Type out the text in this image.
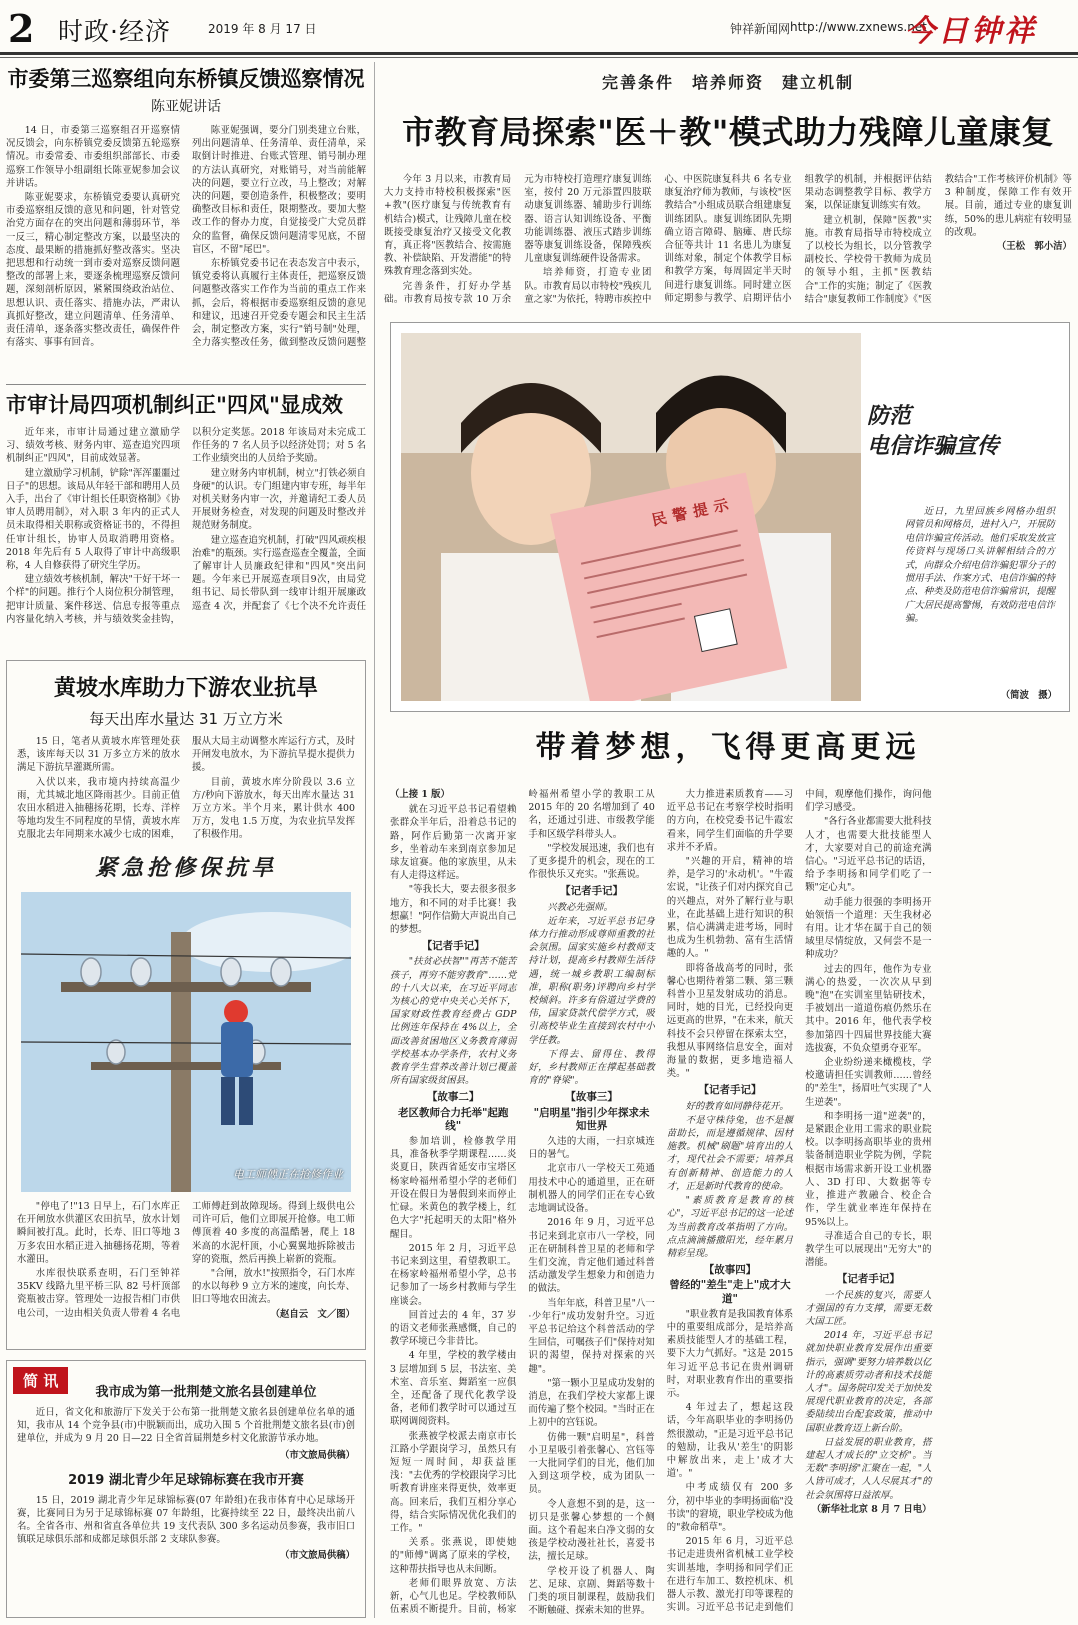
2 时政·经济	2019 年 8 月 17 日	钟祥新闻网 http://www.zxnews.net
今日钟祥
市委第三巡察组向东桥镇反馈巡察情况
陈亚妮讲话

14 日，市委第三巡察组召开巡察情况反馈会，向东桥镇党委反馈第五轮巡察情况。市委常委、市委组织部部长、市委巡察工作领导小组副组长陈亚妮参加会议并讲话。

陈亚妮要求，东桥镇党委要认真研究市委巡察组反馈的意见和问题，针对管党治党方面存在的突出问题和薄弱环节，举一反三，精心制定整改方案，以最坚决的态度、最果断的措施抓好整改落实。坚决把思想和行动统一到市委对巡察反馈问题整改的部署上来，要逐条梳理巡察反馈问题，深刻剖析原因，紧紧围绕政治站位、思想认识、责任落实、措施办法，严肃认真抓好整改，建立问题清单、任务清单、责任清单，逐条落实整改责任，确保件件有落实、事事有回音。

陈亚妮强调，要分门别类建立台账，列出问题清单、任务清单、责任清单，采取倒计时推进、台账式管理、销号制办理的方法认真研究，对账销号，对当前能解决的问题，要立行立改，马上整改；对解决的问题，要创造条件，积极整改；要明确整改目标和责任，限期整改。要加大整改工作的督办力度，自觉接受广大党员群众的监督，确保反馈问题清零见底，不留盲区，不留"尾巴"。

东桥镇党委书记在表态发言中表示，镇党委将认真履行主体责任，把巡察反馈问题整改落实工作作为当前的重点工作来抓，会后，将根据市委巡察组反馈的意见和建议，迅速召开党委专题会和民主生活会，制定整改方案，实行"销号制"处理，全力落实整改任务，做到整改反馈问题整

市审计局四项机制纠正"四风"显成效

近年来，市审计局通过建立激励学习、绩效考核、财务内审、巡查追究四项机制纠正"四风"，目前成效显著。

建立激励学习机制，铲除"浑浑噩噩过日子"的思想。该局从年轻干部和聘用人员入手，出台了《审计组长任职资格制》《协审人员聘用制》，对入职 3 年内的正式人员未取得相关职称或资格证书的，不得担任审计组长，协审人员取消聘用资格。2018 年先后有 5 人取得了审计中高级职称，4 人自修获得了研究生学历。

建立绩效考核机制，解决"干好干坏一个样"的问题。推行个人岗位积分制管理，把审计质量、案件移送、信息专报等重点内容量化纳入考核，并与绩效奖金挂钩，以积分定奖惩。2018 年该局对未完成工作任务的 7 名人员予以经济处罚；对 5 名工作业绩突出的人员给予奖励。

建立财务内审机制，树立"打铁必须自身硬"的认识。专门组建内审专班，每半年对机关财务内审一次，并邀请纪工委人员开展财务检查，对发现的问题及时整改并规范财务制度。

建立巡查追究机制，打破"四风顽疾根治难"的瓶颈。实行巡查巡查全覆盖，全面了解审计人员廉政纪律和"四风"突出问题。今年来已开展巡查项目9次，由局党组书记、局长带队到一线审计组开展廉政巡查 4 次，并配套了《七个决不允许责任

黄坡水库助力下游农业抗旱
每天出库水量达 31 万立方米

15 日，笔者从黄坡水库管理处获悉，该库每天以 31 万多立方米的放水满足下游抗旱灌溉所需。

入伏以来，我市境内持续高温少雨，尤其城北地区降雨甚少。目前正值农田水稻进入抽穗扬花期，长寿、洋梓等地均发生不同程度的旱情，黄坡水库克服北去年同期来水减少七成的困难，服从大局主动调整水库运行方式，及时开闸发电放水，为下游抗旱提水提供力援。

目前，黄坡水库分阶段以 3.6 立方/秒向下游放水，每天出库水量达 31 万立方米。半个月来，累计供水 400 万方，发电 1.5 万度，为农业抗旱发挥了积极作用。

紧急抢修保抗旱
电工师傅正在抢修作业

"停电了!"13 日早上，石门水库正在开闸放水供灌区农田抗旱，放水计划瞬间被打乱。此时，长寿、旧口等地 3 万多农田水稻正进入抽穗扬花期，等着水灌田。

水库很快联系查明，石门至钟祥 35KV 线路九里平桥三队 82 号杆顶部瓷瓶被击穿。管理处一边报告相门市供电公司，一边由相关负责人带着 4 名电工师傅赶到故障现场。得到上级供电公司许可后，他们立即展开抢修。电工师傅顶着 40 多度的高温酷暑，爬上 18 米高的水泥杆顶，小心翼翼地拆除被击穿的瓷瓶，然后再换上崭新的瓷瓶。

"合闸，放水!"按照指令，石门水库的水以每秒 9 立方米的速度，向长寿、旧口等地农田流去。

（赵自云　文／图）
简 讯
我市成为第一批荆楚文旅名县创建单位

近日，省文化和旅游厅下发关于公布第一批荆楚文旅名县创建单位名单的通知，我市从 14 个竞争县(市)中脱颖而出，成功入围 5 个首批荆楚文旅名县(市)创建单位，并成为 9 月 20 日—22 日全省首届荆楚乡村文化旅游节承办地。

（市文旅局供稿）
2019 湖北青少年足球锦标赛在我市开赛

15 日，2019 湖北青少年足球锦标赛(07 年龄组)在我市体育中心足球场开赛，比赛同日为另于足球锦标赛 07 年龄组，比赛持续至 22 日，最终决出前八名。全省各市、州和省直各单位共 19 支代表队 300 多名运动员参赛，我市旧口镇联足球俱乐部和成都足球俱乐部 2 支球队参赛。

（市文旅局供稿）
完善条件　培养师资　建立机制
市教育局探索"医＋教"模式助力残障儿童康复

今年 3 月以来，市教育局大力支持市特校积极探索"医+教"(医疗康复与传统教育有机结合)模式，让残障儿童在校既接受康复治疗又接受文化教育，真正将"医教结合、按需施教、补偿缺陷、开发潜能"的特殊教育理念落到实处。

完善条件，打好办学基础。市教育局按专款 10 万余元为市特校打造理疗康复训练室，按付 20 万元添置四肢联动康复训练器、辅助步行训练器、语言认知训练设备、平衡功能训练器、液压式踏步训练器等康复训练设备，保障残疾儿童康复训练硬件设备需求。

培养师资，打造专业团队。市教育局以市特校"残疾儿童之家"为依托，特聘市疾控中心、中医院康复科共 6 名专业康复治疗师为教师，与该校"医教结合"小组成员联合组建康复训练团队。康复训练团队先期确立语言障碍、脑瘫、唐氏综合征等共计 11 名患儿为康复训练对象，制定个体教学目标和教学方案，每周固定半天时间进行康复训练。同时建立医师定期参与教学、启期评估小组教学的机制，并根据评估结果动态调整教学目标、教学方案，以保证康复训练实有效。

建立机制，保障"医教"实施。市教育局指导市特校成立了以校长为组长，以分管教学副校长、学校骨干教师为成员的领导小组，主抓"医教结合"工作的实施；制定了《医教结合"康复教师工作制度》《"医教结合"工作考核评价机制》等 3 种制度，保障工作有效开展。目前，通过专业的康复训练，50%的患儿病症有较明显的改观。

（王松　郭小洁）
民警提示
防范
电信诈骗宣传
近日，九里回族乡网格办组织网管员和网格员，进村入户，开展防电信诈骗宣传活动。他们采取发放宣传资料与现场口头讲解相结合的方式，向群众介绍电信诈骗犯罪分子的惯用手法、作案方式、电信诈骗的特点、种类及防范电信诈骗常识，提醒广大居民提高警惕，有效防范电信诈骗。
（简波　摄）
带着梦想，飞得更高更远
（上接 1 版）

就在习近平总书记看望赖张群众半年后，沿着总书记的路，阿作后勤第一次离开家乡，坐着动车来到南京参加足球友谊赛。他的家族里，从未有人走得这样远。

"等我长大，要去很多很多地方，和不同的对手比赛！我想赢！"阿作信勤大声说出自己的梦想。

【记者手记】
"扶贫必扶智""再苦不能苦孩子，再穷不能穷教育"……党的十八大以来，在习近平同志为核心的党中央关心关怀下，国家财政性教育经费占 GDP 比例连年保持在 4%以上，全面改善贫困地区义务教育薄弱学校基本办学条件，农村义务教育学生营养改善计划已覆盖所有国家级贫困县。
【故事二】
老区教师合力托举"起跑线"

参加培训，检修教学用具，准备秋季学期课程……炎炎夏日，陕西省延安市宝塔区杨家岭福州希望小学的老师们开设在假日为暑假到来而停止忙碌。米黄色的教学楼上，红色大字"托起明天的太阳"格外醒目。

2015 年 2 月，习近平总书记来到这里，看望教职工。在杨家岭福州希望小学，总书记参加了一场乡村教师与学生座谈会。

回首过去的 4 年，37 岁的语文老师张燕感慨，自己的教学环境已今非昔比。

4 年里，学校的教学楼由 3 层增加到 5 层，书法室、美术室、音乐室、舞蹈室一应俱全，还配备了现代化教学设备，老师们教学时可以通过互联网调阅资料。

张燕被学校派去南京市长江路小学跟岗学习，虽然只有短短一周时间，却获益匪浅："去优秀的学校跟岗学习比听教育讲座来得更快，效率更高。回来后，我们互相分享心得，结合实际情况优化我们的工作。"

关系。张燕说，即使她的"师傅"调离了原来的学校，这种帮扶指导也从未间断。

老师们眼界放宽、方法新，心气儿也足。学校教师队伍素质不断提升。目前，杨家岭福州希望小学的教职工从 2015 年的 20 名增加到了 40 名，还通过引进、市级教学能手和区级学科带头人。

"学校发展迅速，我们也有了更多提升的机会，现在的工作很快乐又充实。"张燕说。

【记者手记】
兴教必先强师。
近年来，习近平总书记身体力行推动形成尊师重教的社会氛围。国家实施乡村教师支持计划，提高乡村教师生活待遇，统一城乡教职工编制标准，职称(职务)评聘向乡村学校倾斜。许多有俗道过学费的伟，国家贷款代偿学方式，吸引高校毕业生直接到农村中小学任教。
下得去、留得住、教得好，乡村教师正在撑起基础教育的"脊梁"。
【故事三】
"启明星"指引少年探求未知世界

久违的大雨，一扫京城连日的暑气。

北京市八一学校天工苑通用技术中心的通道里，正在研制机器人的同学们正在专心致志地调试设备。

2016 年 9 月，习近平总书记来到北京市八一学校，同正在研制科普卫星的老师和学生们交流，肯定他们通过科普活动激发学生想象力和创造力的做法。

当年年底，科普卫星"八一·少年行"成功发射升空。习近平总书记给这个科普活动的学生回信，可嘱孩子们"保持对知识的渴望，保持对探索的兴趣"。

"第一颗小卫星成功发射的消息，在我们学校大家都上课而传遍了整个校园。"当时正在上初中的宫钰说。

仿佛一颗"启明星"，科普小卫星吸引着张馨心、宫钰等一大批同学们的目光，他们加入到这项学校，成为团队一员。

令人意想不到的是，这一切只是张馨心梦想的一个侧面。这个看起来白净文弱的女孩是学校动漫社社长，喜爱书法，擅长足球。

学校开设了机器人、陶艺、足球、京剧、舞蹈等数十门类的项目制课程，鼓励我们不断触碰、探索未知的世界。

大力推进素质教育——习近平总书记在考察学校时指明的方向，在校党委书记牛霞宏看来，同学生们面临的升学要求并不矛盾。

"兴趣的开启，精神的培养，是学习的'永动机'。"牛霞宏说，"让孩子们对内探究自己的兴趣点，对外了解行业与职业，在此基础上进行知识的积累，信心满满走进考场，同时也成为生机勃勃、富有生活情趣的人。"

即将备战高考的同时，张馨心也期待着第二颗、第三颗科普小卫星发射成功的消息。同时，她的目光，已经投向更远更高的世界，"在未来，航天科技不会只停留在探索太空，我想从事网络信息安全，面对海量的数据，更多地造福人类。"

【记者手记】
好的教育如同静待花开。
不是守株待兔，也不是揠苗助长，而是遵循规律、因材施教。机械"刷题"培育出的人才，现代社会不需要；培养具有创新精神、创造能力的人才，正是新时代教育的使命。
"素质教育是教育的核心"，习近平总书记的这一论述为当前教育改革指明了方向。点点滴滴播撒阳光，经年累月精彩呈现。
【故事四】
曾经的"差生"走上"成才大道"

"职业教育是我国教育体系中的重要组成部分，是培养高素质技能型人才的基础工程，要下大力气抓好。"这是 2015 年习近平总书记在贵州调研时，对职业教育作出的重要指示。

4 年过去了，想起这段话，今年高职毕业的李明扬仍然很激动，"正是习近平总书记的勉励，让我从'差生'的阴影中解放出来，走上'成才大道'。"

中考成绩仅有 200 多分，初中毕业的李明扬面临"没书读"的窘境，职业学校成为他的"救命稻草"。

2015 年 6 月，习近平总书记走进贵州省机械工业学校实训基地，李明扬和同学们正在进行车加工、数控机床、机器人示教、激光打印等课程的实训。习近平总书记走到他们中间，观摩他们操作，询问他们学习感受。

"各行各业都需要大批科技人才，也需要大批技能型人才，大家要对自己的前途充满信心。"习近平总书记的话语，给予李明扬和同学们吃了一颗"定心丸"。

动手能力很强的李明扬开始领悟一个道理：天生我材必有用。让才华在属于自己的领域里尽情绽放，又何尝不是一种成功？

过去的四年，他作为专业满心的热爱，一次次从早到晚"泡"在实训室里钻研技术，手被划出一道道伤痕仍然乐在其中。2016 年，他代表学校参加第四十四届世界技能大赛选拔赛，不负众望勇夺亚军。

企业纷纷递来橄榄枝，学校邀请担任实训教师……曾经的"差生"，扬眉吐气实现了"人生逆袭"。

和李明扬一道"逆袭"的，是紧跟企业用工需求的职业院校。以李明扬高职毕业的贵州装备制造职业学院为例，学院根据市场需求新开设工业机器人、3D 打印、大数据等专业，推进产教融合、校企合作，学生就业率连年保持在 95%以上。

寻准适合自己的专长，职教学生可以展现出"无穷大"的潜能。

【记者手记】
一个民族的复兴，需要人才强国的有力支撑，需要无数大国工匠。
2014 年，习近平总书记就加快职业教育发展作出重要指示，强调"要努力培养数以亿计的高素质劳动者和技术技能人才"。国务院印发关于加快发展现代职业教育的决定，各部委陆续出台配套政策，推动中国职业教育迈上新台阶。
日益发展的职业教育，搭建起人才成长的"立交桥"。当无数"李明扬"汇聚在一起，"人人皆可成才，人人尽展其才"的社会氛围将日益浓厚。
（新华社北京 8 月 7 日电）
